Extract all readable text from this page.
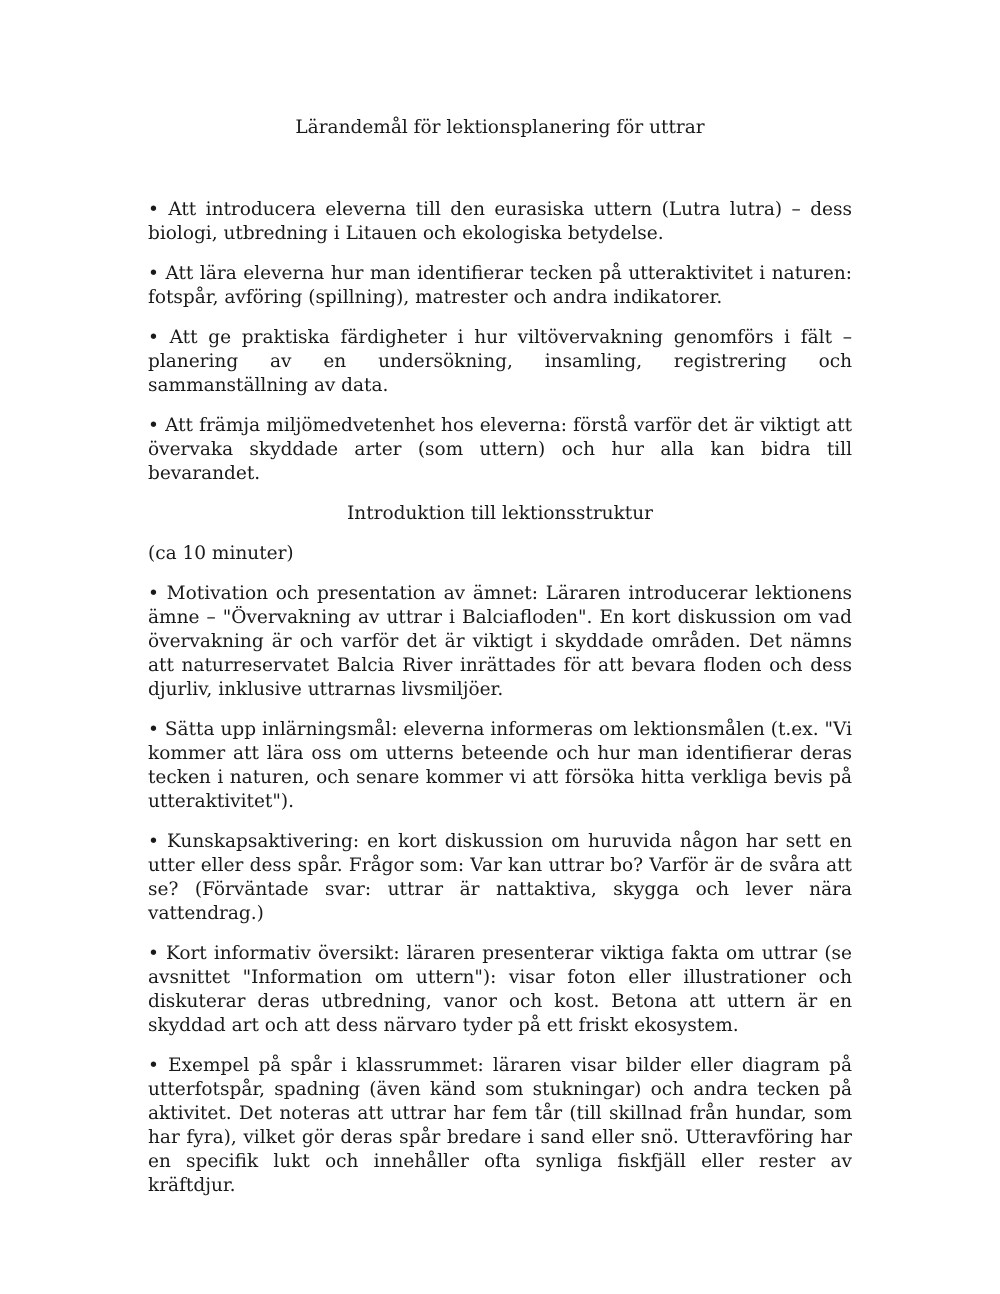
Lärandemål för lektionsplanering för uttrar

• Att introducera eleverna till den eurasiska uttern (Lutra lutra) – dess biologi, utbredning i Litauen och ekologiska betydelse.

• Att lära eleverna hur man identifierar tecken på utteraktivitet i naturen: fotspår, avföring (spillning), matrester och andra indikatorer.

• Att ge praktiska färdigheter i hur viltövervakning genomförs i fält – planering av en undersökning, insamling, registrering och sammanställning av data.

• Att främja miljömedvetenhet hos eleverna: förstå varför det är viktigt att övervaka skyddade arter (som uttern) och hur alla kan bidra till bevarandet.

Introduktion till lektionsstruktur
(ca 10 minuter)

• Motivation och presentation av ämnet: Läraren introducerar lektionens ämne – "Övervakning av uttrar i Balciafloden". En kort diskussion om vad övervakning är och varför det är viktigt i skyddade områden. Det nämns att naturreservatet Balcia River inrättades för att bevara floden och dess djurliv, inklusive uttrarnas livsmiljöer.

• Sätta upp inlärningsmål: eleverna informeras om lektionsmålen (t.ex. "Vi kommer att lära oss om utterns beteende och hur man identifierar deras tecken i naturen, och senare kommer vi att försöka hitta verkliga bevis på utteraktivitet").

• Kunskapsaktivering: en kort diskussion om huruvida någon har sett en utter eller dess spår. Frågor som: Var kan uttrar bo? Varför är de svåra att se? (Förväntade svar: uttrar är nattaktiva, skygga och lever nära vattendrag.)

• Kort informativ översikt: läraren presenterar viktiga fakta om uttrar (se avsnittet "Information om uttern"): visar foton eller illustrationer och diskuterar deras utbredning, vanor och kost. Betona att uttern är en skyddad art och att dess närvaro tyder på ett friskt ekosystem.

• Exempel på spår i klassrummet: läraren visar bilder eller diagram på utterfotspår, spadning (även känd som stukningar) och andra tecken på aktivitet. Det noteras att uttrar har fem tår (till skillnad från hundar, som har fyra), vilket gör deras spår bredare i sand eller snö. Utteravföring har en specifik lukt och innehåller ofta synliga fiskfjäll eller rester av kräftdjur.
